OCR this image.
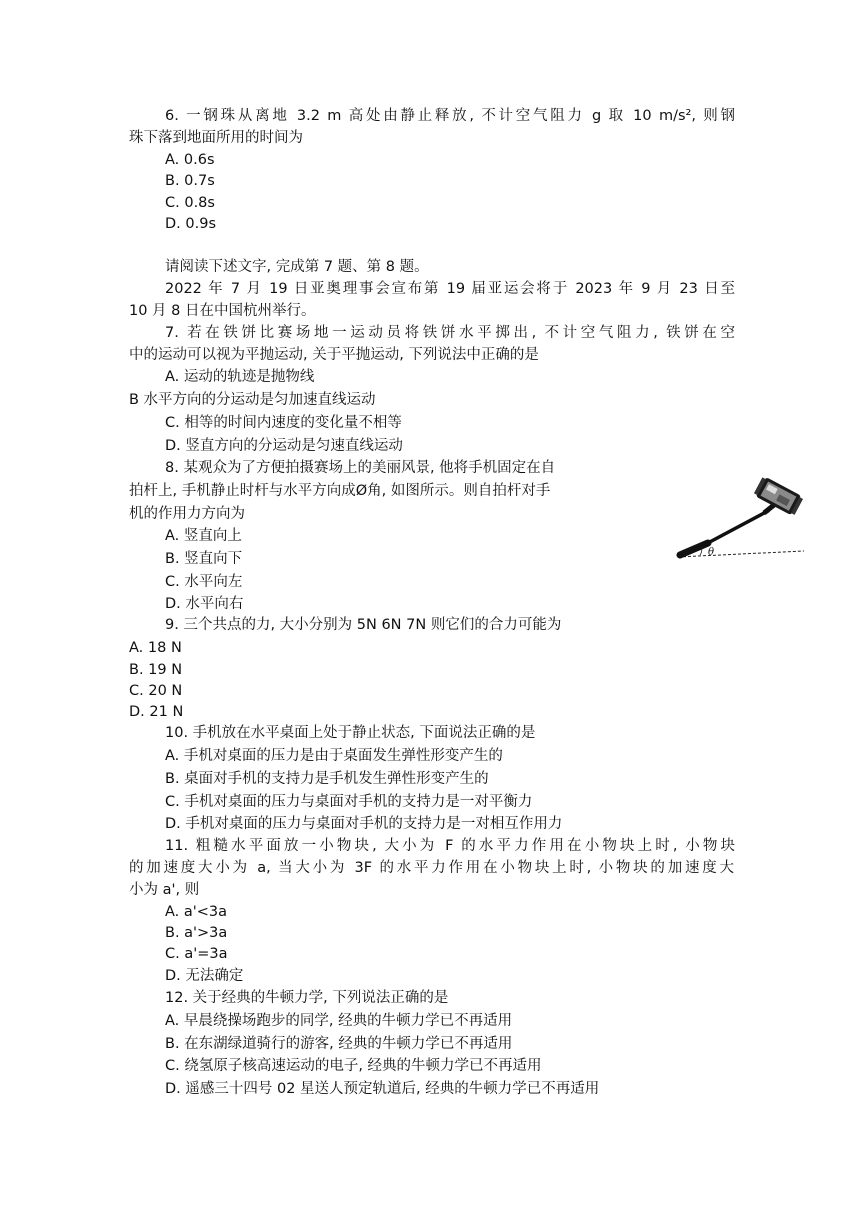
6. 一钢珠从离地 3.2 m 高处由静止释放, 不计空气阻力 g 取 10 m/s², 则钢
珠下落到地面所用的时间为
A. 0.6s
B. 0.7s
C. 0.8s
D. 0.9s
请阅读下述文字, 完成第 7 题、第 8 题。
2022 年 7 月 19 日亚奥理事会宣布第 19 届亚运会将于 2023 年 9 月 23 日至
10 月 8 日在中国杭州举行。
7. 若在铁饼比赛场地一运动员将铁饼水平掷出, 不计空气阻力, 铁饼在空
中的运动可以视为平抛运动, 关于平抛运动, 下列说法中正确的是
A. 运动的轨迹是抛物线
B 水平方向的分运动是匀加速直线运动
C. 相等的时间内速度的变化量不相等
D. 竖直方向的分运动是匀速直线运动
8. 某观众为了方便拍摄赛场上的美丽风景, 他将手机固定在自
拍杆上, 手机静止时杆与水平方向成Ø角, 如图所示。则自拍杆对手
机的作用力方向为
A. 竖直向上
B. 竖直向下
C. 水平向左
D. 水平向右
θ
9. 三个共点的力, 大小分别为 5N 6N 7N 则它们的合力可能为
A. 18 N
B. 19 N
C. 20 N
D. 21 N
10. 手机放在水平桌面上处于静止状态, 下面说法正确的是
A. 手机对桌面的压力是由于桌面发生弹性形变产生的
B. 桌面对手机的支持力是手机发生弹性形变产生的
C. 手机对桌面的压力与桌面对手机的支持力是一对平衡力
D. 手机对桌面的压力与桌面对手机的支持力是一对相互作用力
11. 粗糙水平面放一小物块, 大小为 F 的水平力作用在小物块上时, 小物块
的加速度大小为 a, 当大小为 3F 的水平力作用在小物块上时, 小物块的加速度大
小为 a', 则
A. a'<3a
B. a'>3a
C. a'=3a
D. 无法确定
12. 关于经典的牛顿力学, 下列说法正确的是
A. 早晨绕操场跑步的同学, 经典的牛顿力学已不再适用
B. 在东湖绿道骑行的游客, 经典的牛顿力学已不再适用
C. 绕氢原子核高速运动的电子, 经典的牛顿力学已不再适用
D. 遥感三十四号 02 星送人预定轨道后, 经典的牛顿力学已不再适用
